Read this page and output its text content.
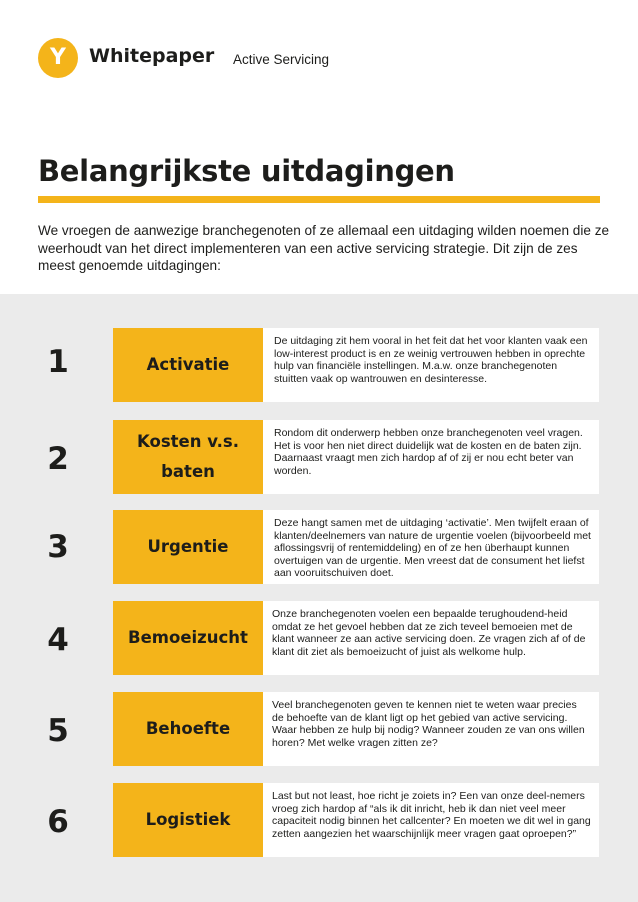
Y	Whitepaper Active Servicing
Belangrijkste uitdagingen

We vroegen de aanwezige branchegenoten of ze allemaal een uitdaging wilden noemen die ze weerhoudt van het direct implementeren van een active servicing strategie. Dit zijn de zes meest genoemde uitdagingen:

1	Activatie
De uitdaging zit hem vooral in het feit dat het voor klanten vaak een low-interest product is en ze weinig vertrouwen hebben in oprechte hulp van financiële instellingen. M.a.w. onze branchegenoten stuitten vaak op wantrouwen en desinteresse.
2	Kosten v.s. baten
Rondom dit onderwerp hebben onze branchegenoten veel vragen. Het is voor hen niet direct duidelijk wat de kosten en de baten zijn. Daarnaast vraagt men zich hardop af of zij er nou echt beter van worden.
3	Urgentie
Deze hangt samen met de uitdaging ‘activatie’. Men twijfelt eraan of klanten/deelnemers van nature de urgentie voelen (bijvoorbeeld met aflossingsvrij of rentemiddeling) en of ze hen überhaupt kunnen overtuigen van de urgentie. Men vreest dat de consument het liefst aan vooruitschuiven doet.
4	Bemoeizucht
Onze branchegenoten voelen een bepaalde terughoudend-heid omdat ze het gevoel hebben dat ze zich teveel bemoeien met de klant wanneer ze aan active servicing doen. Ze vragen zich af of de klant dit ziet als bemoeizucht of juist als welkome hulp.
5	Behoefte
Veel branchegenoten geven te kennen niet te weten waar precies de behoefte van de klant ligt op het gebied van active servicing. Waar hebben ze hulp bij nodig? Wanneer zouden ze van ons willen horen? Met welke vragen zitten ze?
6	Logistiek
Last but not least, hoe richt je zoiets in? Een van onze deel-nemers vroeg zich hardop af “als ik dit inricht, heb ik dan niet veel meer capaciteit nodig binnen het callcenter? En moeten we dit wel in gang zetten aangezien het waarschijnlijk meer vragen gaat oproepen?”
